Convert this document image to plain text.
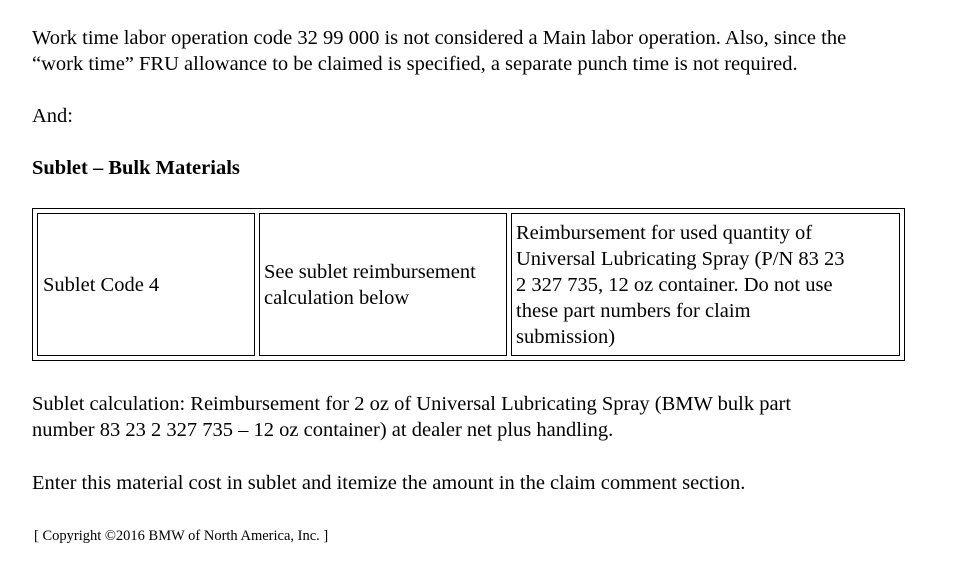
Work time labor operation code 32 99 000 is not considered a Main labor operation. Also, since the
“work time” FRU allowance to be claimed is specified, a separate punch time is not required.

And:

Sublet – Bulk Materials

Sublet Code 4
See sublet reimbursement
calculation below
Reimbursement for used quantity of
Universal Lubricating Spray (P/N 83 23
2 327 735, 12 oz container. Do not use
these part numbers for claim
submission)

Sublet calculation: Reimbursement for 2 oz of Universal Lubricating Spray (BMW bulk part
number 83 23 2 327 735 – 12 oz container) at dealer net plus handling.

Enter this material cost in sublet and itemize the amount in the claim comment section.

[ Copyright ©2016 BMW of North America, Inc. ]
